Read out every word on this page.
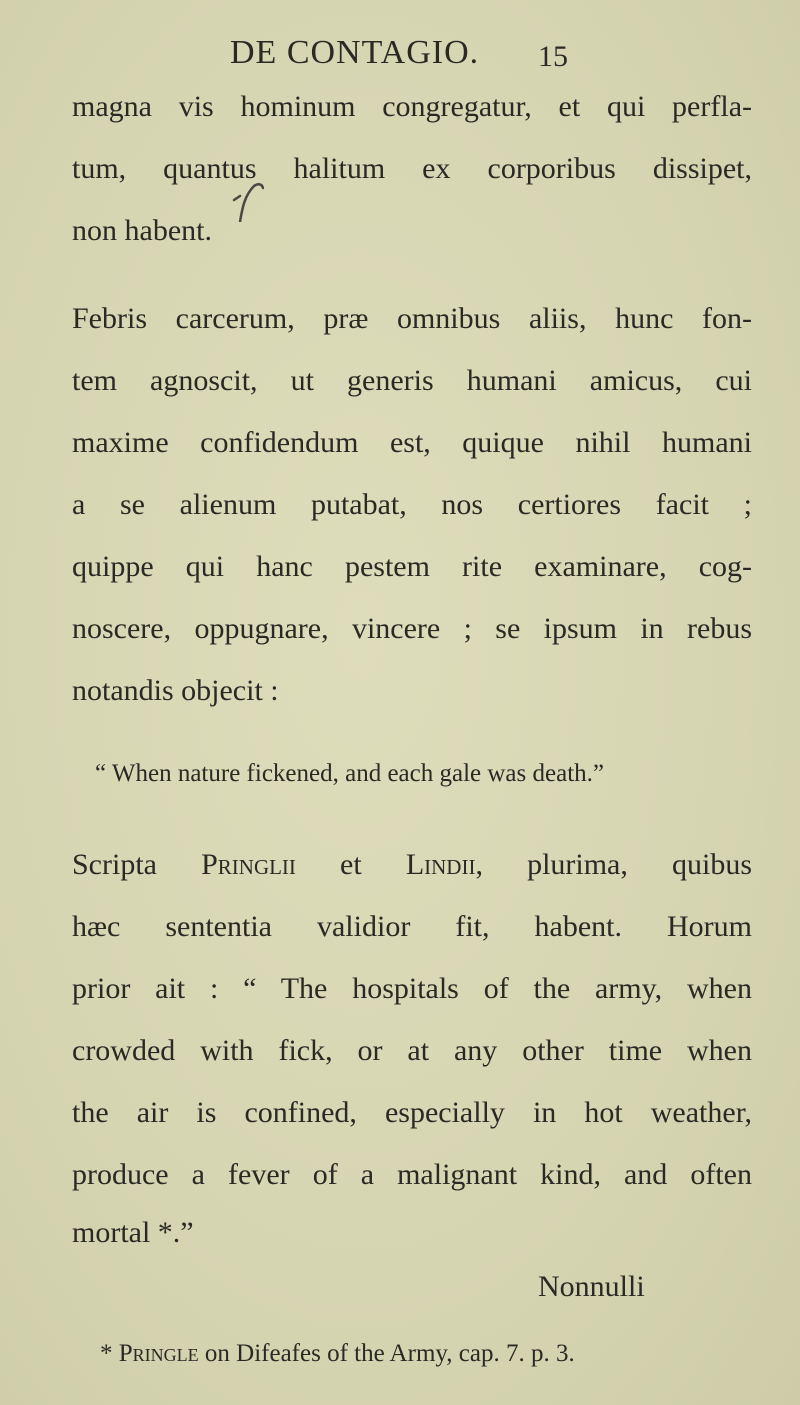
DE CONTAGIO. 15
magna vis hominum congregatur, et qui perfla-
tum, quantus halitum ex corporibus dissipet,
non habent.
Febris carcerum, præ omnibus aliis, hunc fon-
tem agnoscit, ut generis humani amicus, cui
maxime confidendum est, quique nihil humani
a se alienum putabat, nos certiores facit ;
quippe qui hanc pestem rite examinare, cog-
noscere, oppugnare, vincere ; se ipsum in rebus
notandis objecit :
“ When nature fickened, and each gale was death.”
Scripta Pringlii et Lindii, plurima, quibus
hæc sententia validior fit, habent. Horum
prior ait : “ The hospitals of the army, when
crowded with fick, or at any other time when
the air is confined, especially in hot weather,
produce a fever of a malignant kind, and often
mortal *.”
Nonnulli
* Pringle on Difeafes of the Army, cap. 7. p. 3.
